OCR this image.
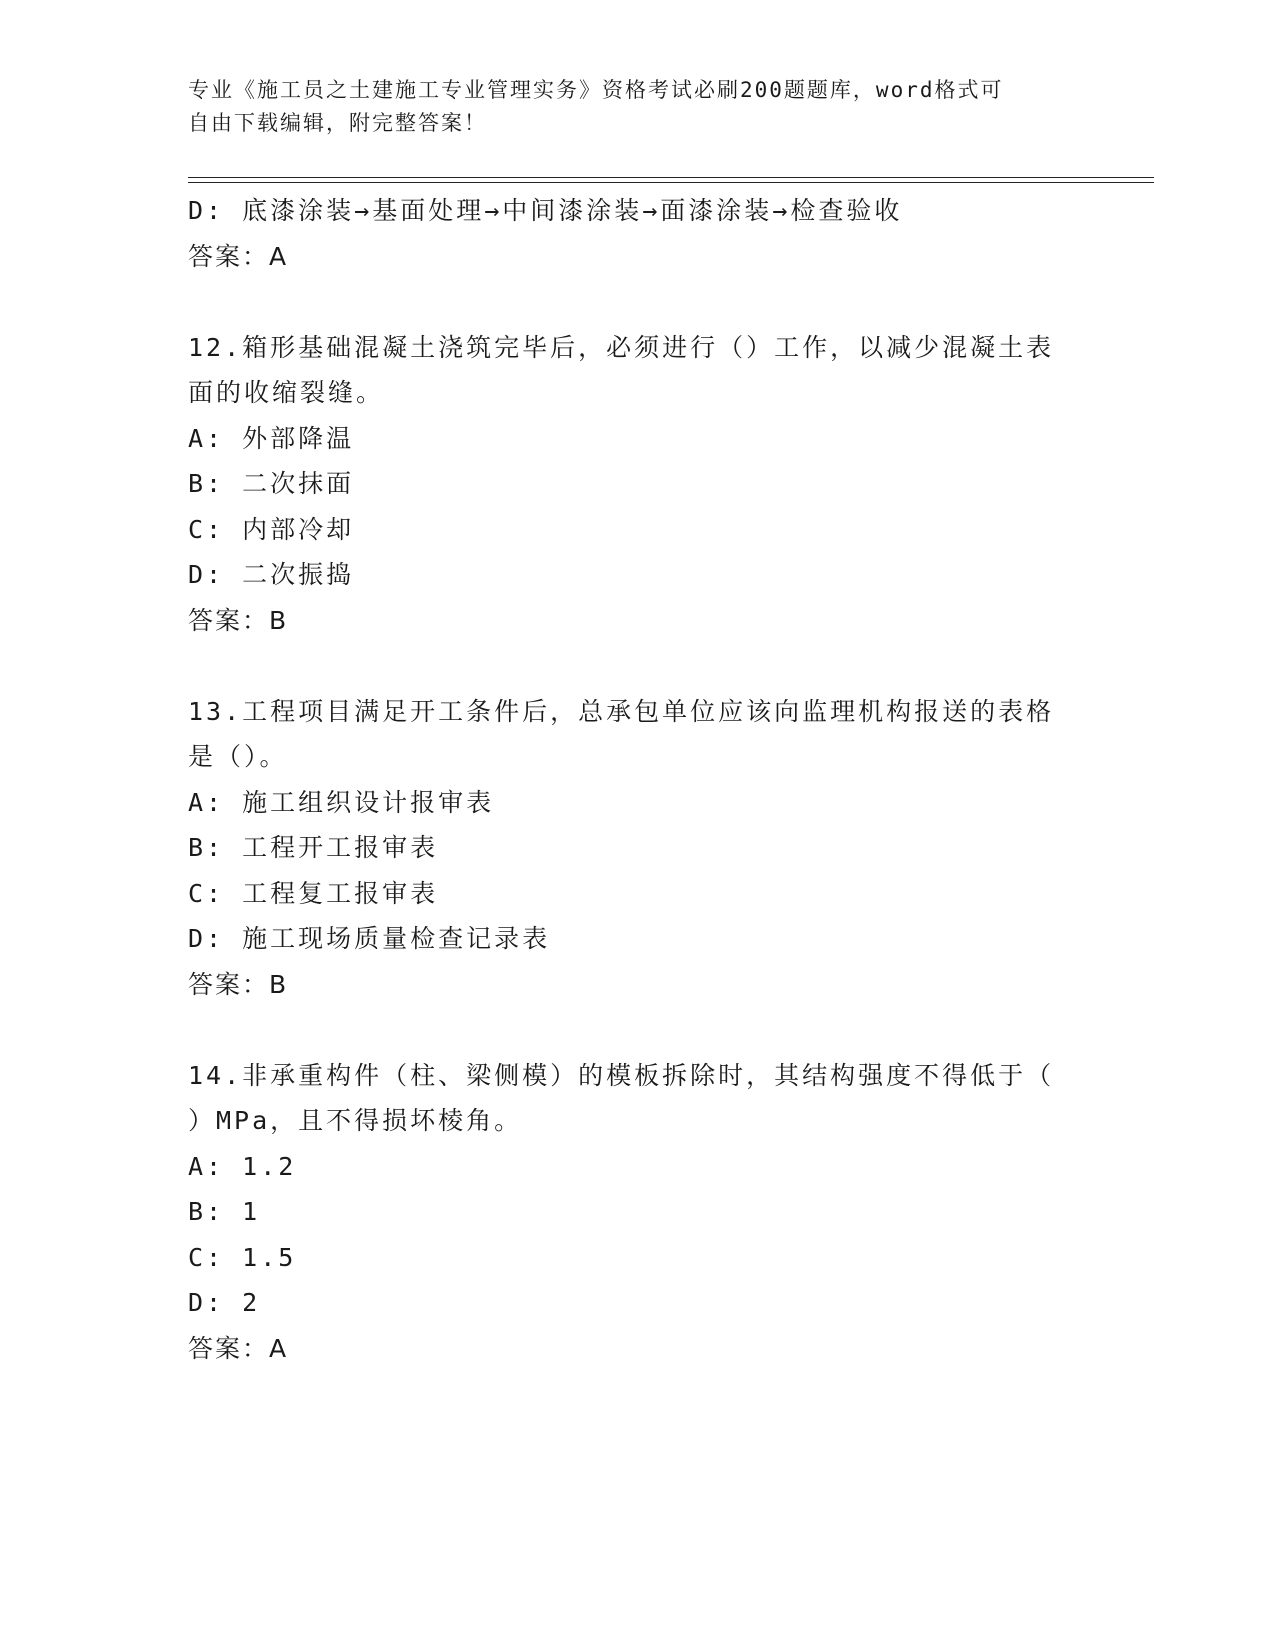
专业《施工员之土建施工专业管理实务》资格考试必刷200题题库，word格式可
自由下载编辑，附完整答案！
D: 底漆涂装→基面处理→中间漆涂装→面漆涂装→检查验收
答案：A
12.箱形基础混凝土浇筑完毕后，必须进行（）工作，以减少混凝土表
面的收缩裂缝。
A: 外部降温
B: 二次抹面
C: 内部冷却
D: 二次振捣
答案：B
13.工程项目满足开工条件后，总承包单位应该向监理机构报送的表格
是（）。
A: 施工组织设计报审表
B: 工程开工报审表
C: 工程复工报审表
D: 施工现场质量检查记录表
答案：B
14.非承重构件（柱、梁侧模）的模板拆除时，其结构强度不得低于（
）MPa，且不得损坏棱角。
A: 1.2
B: 1
C: 1.5
D: 2
答案：A
